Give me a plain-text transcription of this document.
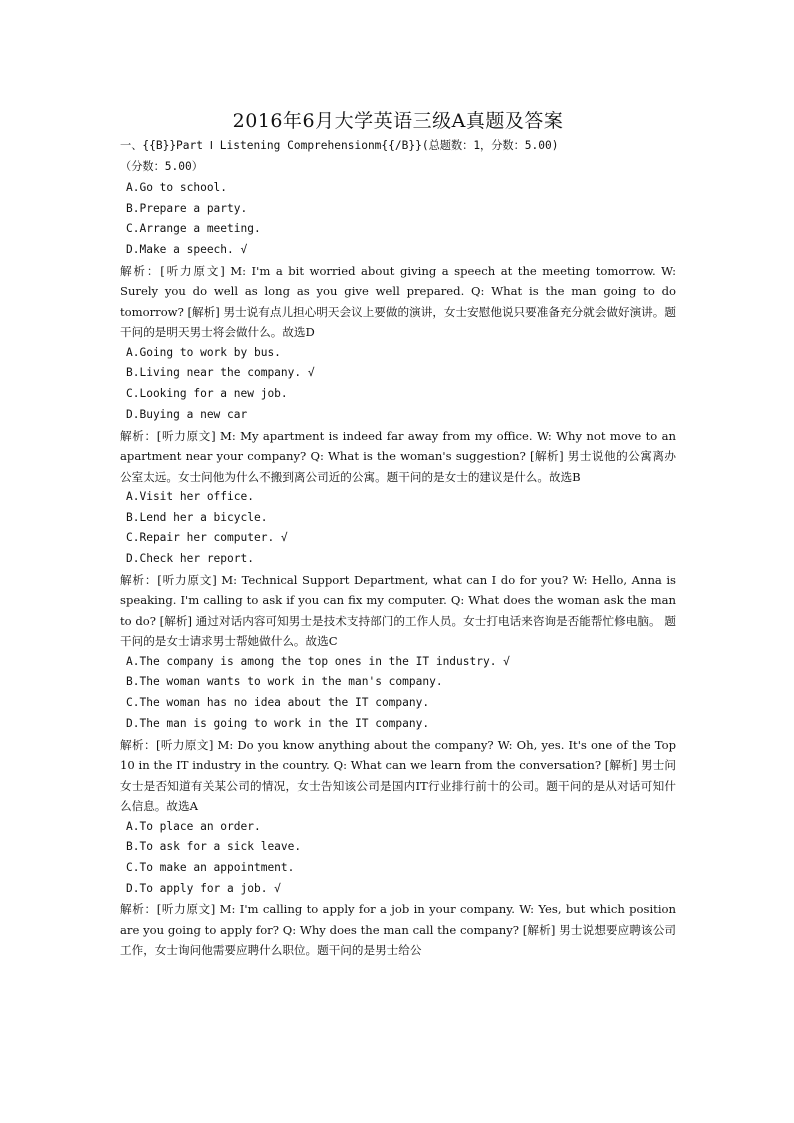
2016年6月大学英语三级A真题及答案
一、{{B}}Part Ⅰ Listening Comprehensionm{{/B}}(总题数：1，分数：5.00)
（分数：5.00）
A.Go to school.
B.Prepare a party.
C.Arrange a meeting.
D.Make a speech. √
解析：[听力原文] M: I'm a bit worried about giving a speech at the meeting tomorrow. W: Surely you do well as long as you give well prepared. Q: What is the man going to do tomorrow? [解析] 男士说有点儿担心明天会议上要做的演讲，女士安慰他说只要准备充分就会做好演讲。题干问的是明天男士将会做什么。故选D
A.Going to work by bus.
B.Living near the company. √
C.Looking for a new job.
D.Buying a new car
解析：[听力原文] M: My apartment is indeed far away from my office. W: Why not move to an apartment near your company? Q: What is the woman's suggestion? [解析] 男士说他的公寓离办公室太远。女士问他为什么不搬到离公司近的公寓。题干问的是女士的建议是什么。故选B
A.Visit her office.
B.Lend her a bicycle.
C.Repair her computer. √
D.Check her report.
解析：[听力原文] M: Technical Support Department, what can I do for you? W: Hello, Anna is speaking. I'm calling to ask if you can fix my computer. Q: What does the woman ask the man to do? [解析] 通过对话内容可知男士是技术支持部门的工作人员。女士打电话来咨询是否能帮忙修电脑。 题干问的是女士请求男士帮她做什么。故选C
A.The company is among the top ones in the IT industry. √
B.The woman wants to work in the man's company.
C.The woman has no idea about the IT company.
D.The man is going to work in the IT company.
解析：[听力原文] M: Do you know anything about the company? W: Oh, yes. It's one of the Top 10 in the IT industry in the country. Q: What can we learn from the conversation? [解析] 男士问女士是否知道有关某公司的情况，女士告知该公司是国内IT行业排行前十的公司。题干问的是从对话可知什么信息。故选A
A.To place an order.
B.To ask for a sick leave.
C.To make an appointment.
D.To apply for a job. √
解析：[听力原文] M: I'm calling to apply for a job in your company. W: Yes, but which position are you going to apply for? Q: Why does the man call the company? [解析] 男士说想要应聘该公司工作，女士询问他需要应聘什么职位。题干问的是男士给公
